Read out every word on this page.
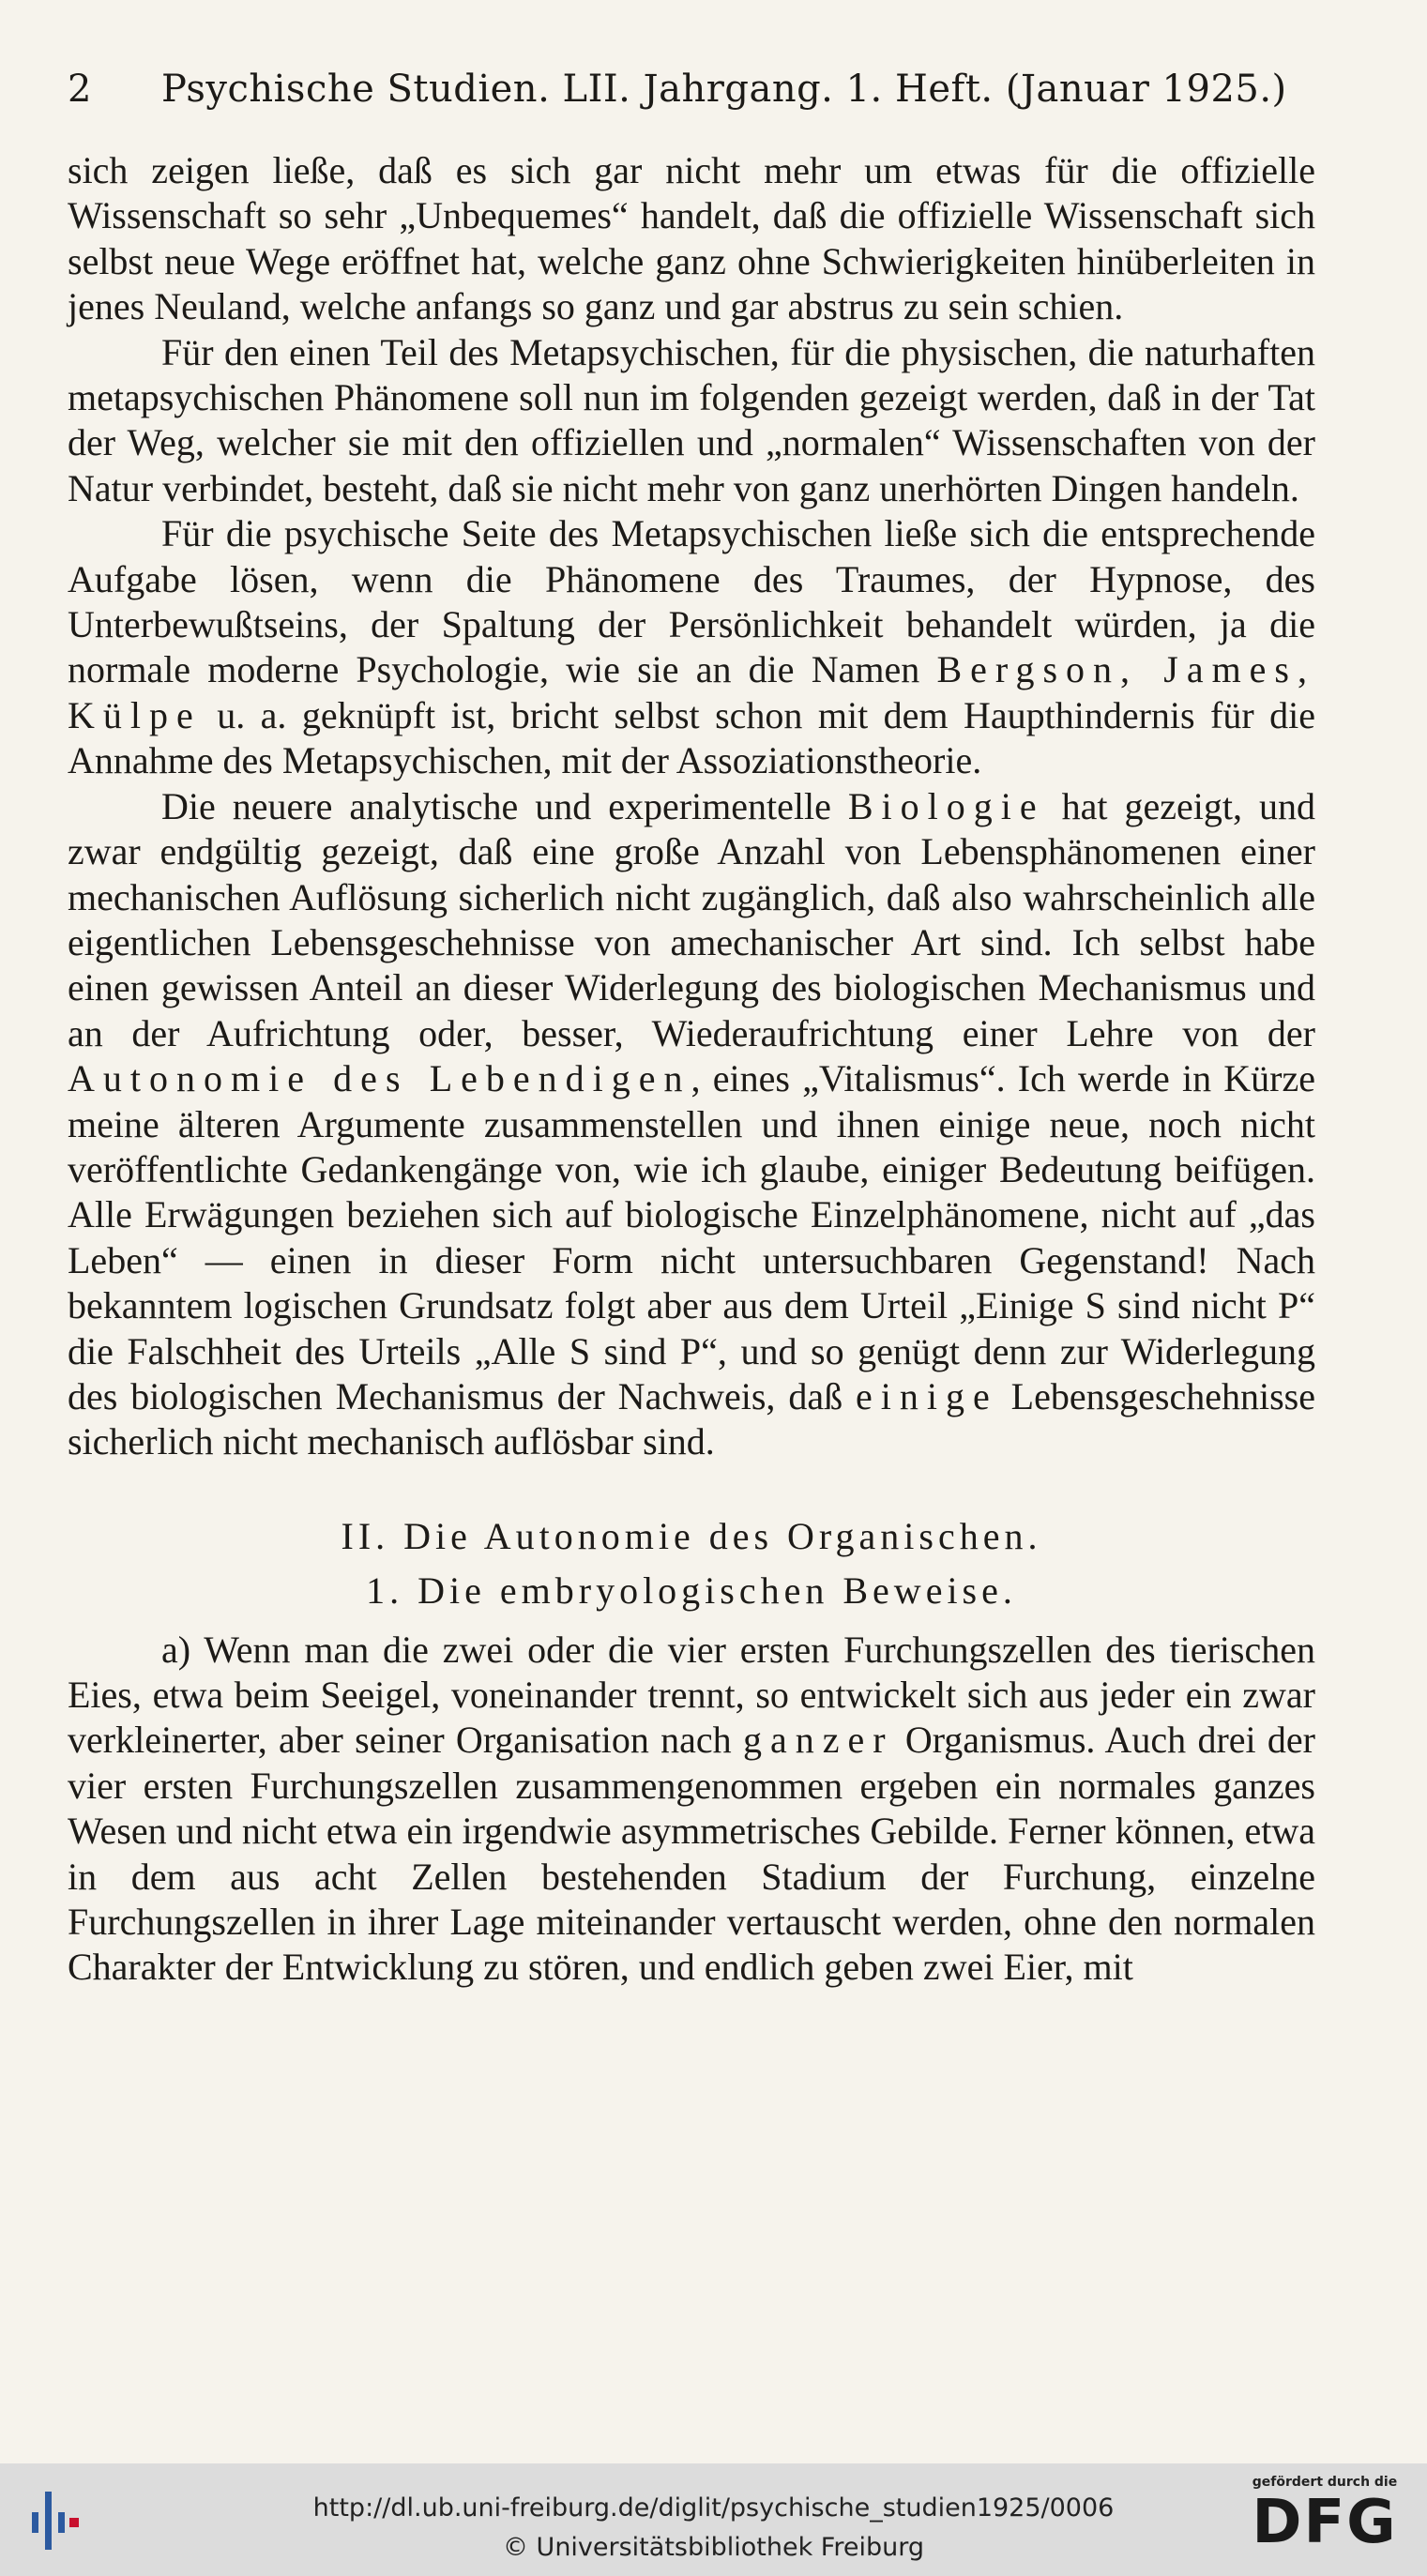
2 Psychische Studien. LII. Jahrgang. 1. Heft. (Januar 1925.)

sich zeigen ließe, daß es sich gar nicht mehr um etwas für die offizielle Wissenschaft so sehr „Unbequemes“ handelt, daß die offizielle Wissenschaft sich selbst neue Wege eröffnet hat, welche ganz ohne Schwierigkeiten hinüberleiten in jenes Neuland, welche anfangs so ganz und gar abstrus zu sein schien.

Für den einen Teil des Metapsychischen, für die physischen, die naturhaften metapsychischen Phänomene soll nun im folgenden gezeigt werden, daß in der Tat der Weg, welcher sie mit den offiziellen und „normalen“ Wissenschaften von der Natur verbindet, besteht, daß sie nicht mehr von ganz unerhörten Dingen handeln.

Für die psychische Seite des Metapsychischen ließe sich die entsprechende Aufgabe lösen, wenn die Phänomene des Traumes, der Hypnose, des Unterbewußtseins, der Spaltung der Persönlichkeit behandelt würden, ja die normale moderne Psychologie, wie sie an die Namen Bergson, James, Külpe u. a. geknüpft ist, bricht selbst schon mit dem Haupthindernis für die Annahme des Metapsychischen, mit der Assoziationstheorie.

Die neuere analytische und experimentelle Biologie hat gezeigt, und zwar endgültig gezeigt, daß eine große Anzahl von Lebensphänomenen einer mechanischen Auflösung sicherlich nicht zugänglich, daß also wahrscheinlich alle eigentlichen Lebensgeschehnisse von amechanischer Art sind. Ich selbst habe einen gewissen Anteil an dieser Widerlegung des biologischen Mechanismus und an der Aufrichtung oder, besser, Wiederaufrichtung einer Lehre von der Autonomie des Lebendigen, eines „Vitalismus“. Ich werde in Kürze meine älteren Argumente zusammenstellen und ihnen einige neue, noch nicht veröffentlichte Gedankengänge von, wie ich glaube, einiger Bedeutung beifügen. Alle Erwägungen beziehen sich auf biologische Einzelphänomene, nicht auf „das Leben“ — einen in dieser Form nicht untersuchbaren Gegenstand! Nach bekanntem logischen Grundsatz folgt aber aus dem Urteil „Einige S sind nicht P“ die Falschheit des Urteils „Alle S sind P“, und so genügt denn zur Widerlegung des biologischen Mechanismus der Nachweis, daß einige Lebensgeschehnisse sicherlich nicht mechanisch auflösbar sind.

II. Die Autonomie des Organischen.

1. Die embryologischen Beweise.

a) Wenn man die zwei oder die vier ersten Furchungszellen des tierischen Eies, etwa beim Seeigel, voneinander trennt, so entwickelt sich aus jeder ein zwar verkleinerter, aber seiner Organisation nach ganzer Organismus. Auch drei der vier ersten Furchungszellen zusammengenommen ergeben ein normales ganzes Wesen und nicht etwa ein irgendwie asymmetrisches Gebilde. Ferner können, etwa in dem aus acht Zellen bestehenden Stadium der Furchung, einzelne Furchungszellen in ihrer Lage miteinander vertauscht werden, ohne den normalen Charakter der Entwicklung zu stören, und endlich geben zwei Eier, mit

http://dl.ub.uni-freiburg.de/diglit/psychische_studien1925/0006
© Universitätsbibliothek Freiburg
gefördert durch die
DFG
